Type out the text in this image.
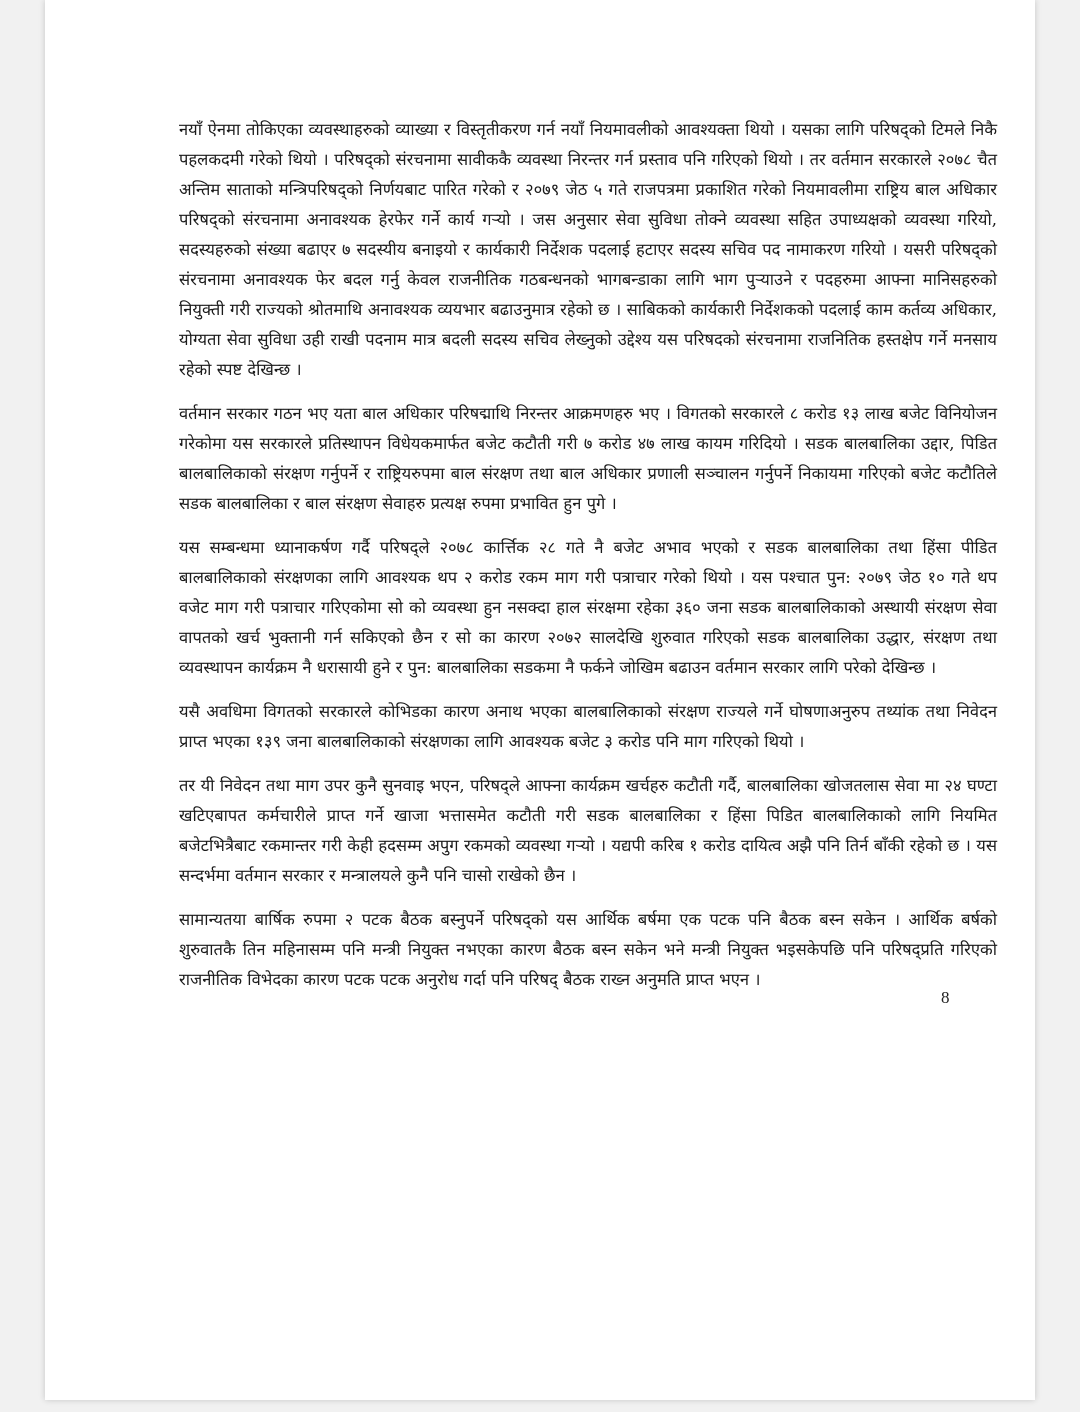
नयाँ ऐनमा तोकिएका व्यवस्थाहरुको व्याख्या र विस्तृतीकरण गर्न नयाँ नियमावलीको आवश्यक्ता थियो । यसका लागि परिषद्को टिमले निकै पहलकदमी गरेको थियो । परिषद्को संरचनामा सावीककै व्यवस्था निरन्तर गर्न प्रस्ताव पनि गरिएको थियो । तर वर्तमान सरकारले २०७८ चैत अन्तिम साताको मन्त्रिपरिषद्को निर्णयबाट पारित गरेको र २०७९ जेठ ५ गते राजपत्रमा प्रकाशित गरेको नियमावलीमा राष्ट्रिय बाल अधिकार परिषद्को संरचनामा अनावश्यक हेरफेर गर्ने कार्य गर्‍यो । जस अनुसार सेवा सुविधा तोक्ने व्यवस्था सहित उपाध्यक्षको व्यवस्था गरियो, सदस्यहरुको संख्या बढाएर ७ सदस्यीय बनाइयो र कार्यकारी निर्देशक पदलाई हटाएर सदस्य सचिव पद नामाकरण गरियो । यसरी परिषद्को संरचनामा अनावश्यक फेर बदल गर्नु केवल राजनीतिक गठबन्धनको भागबन्डाका लागि भाग पुर्‍याउने र पदहरुमा आफ्ना मानिसहरुको नियुक्ती गरी राज्यको श्रोतमाथि अनावश्यक व्ययभार बढाउनुमात्र रहेको छ । साबिकको कार्यकारी निर्देशकको पदलाई काम कर्तव्य अधिकार, योग्यता सेवा सुविधा उही राखी पदनाम मात्र बदली सदस्य सचिव लेख्नुको उद्देश्य यस परिषदको संरचनामा राजनितिक हस्तक्षेप गर्ने मनसाय रहेको स्पष्ट देखिन्छ ।

वर्तमान सरकार गठन भए यता बाल अधिकार परिषद्माथि निरन्तर आक्रमणहरु भए । विगतको सरकारले ८ करोड १३ लाख बजेट विनियोजन गरेकोमा यस सरकारले प्रतिस्थापन विधेयकमार्फत बजेट कटौती गरी ७ करोड ४७ लाख कायम गरिदियो । सडक बालबालिका उद्दार, पिडित बालबालिकाको संरक्षण गर्नुपर्ने र राष्ट्रियरुपमा बाल संरक्षण तथा बाल अधिकार प्रणाली सञ्चालन गर्नुपर्ने निकायमा गरिएको बजेट कटौतिले सडक बालबालिका र बाल संरक्षण सेवाहरु प्रत्यक्ष रुपमा प्रभावित हुन पुगे ।

यस सम्बन्धमा ध्यानाकर्षण गर्दै परिषद्ले २०७८ कार्त्तिक २८ गते नै बजेट अभाव भएको र सडक बालबालिका तथा हिंसा पीडित बालबालिकाको संरक्षणका लागि आवश्यक थप २ करोड रकम माग गरी पत्राचार गरेको थियो । यस पश्चात पुन: २०७९ जेठ १० गते थप वजेट माग गरी पत्राचार गरिएकोमा सो को व्यवस्था हुन नसक्दा हाल संरक्षमा रहेका ३६० जना सडक बालबालिकाको अस्थायी संरक्षण सेवा वापतको खर्च भुक्तानी गर्न सकिएको छैन र सो का कारण २०७२ सालदेखि शुरुवात गरिएको सडक बालबालिका उद्धार, संरक्षण तथा व्यवस्थापन कार्यक्रम नै धरासायी हुने र पुन: बालबालिका सडकमा नै फर्कने जोखिम बढाउन वर्तमान सरकार लागि परेको देखिन्छ ।

यसै अवधिमा विगतको सरकारले कोभिडका कारण अनाथ भएका बालबालिकाको संरक्षण राज्यले गर्ने घोषणाअनुरुप तथ्यांक तथा निवेदन प्राप्त भएका १३९ जना बालबालिकाको संरक्षणका लागि आवश्यक बजेट ३ करोड पनि माग गरिएको थियो ।

तर यी निवेदन तथा माग उपर कुनै सुनवाइ भएन, परिषद्ले आफ्ना कार्यक्रम खर्चहरु कटौती गर्दै, बालबालिका खोजतलास सेवा मा २४ घण्टा खटिएबापत कर्मचारीले प्राप्त गर्ने खाजा भत्तासमेत कटौती गरी सडक बालबालिका र हिंसा पिडित बालबालिकाको लागि नियमित बजेटभित्रैबाट रकमान्तर गरी केही हदसम्म अपुग रकमको व्यवस्था गर्‍यो । यद्यपी करिब १ करोड दायित्व अझै पनि तिर्न बाँकी रहेको छ । यस सन्दर्भमा वर्तमान सरकार र मन्त्रालयले कुनै पनि चासो राखेको छैन ।

सामान्यतया बार्षिक रुपमा २ पटक बैठक बस्नुपर्ने परिषद्को यस आर्थिक बर्षमा एक पटक पनि बैठक बस्न सकेन । आर्थिक बर्षको शुरुवातकै तिन महिनासम्म पनि मन्त्री नियुक्त नभएका कारण बैठक बस्न सकेन भने मन्त्री नियुक्त भइसकेपछि पनि परिषद्प्रति गरिएको राजनीतिक विभेदका कारण पटक पटक अनुरोध गर्दा पनि परिषद् बैठक राख्न अनुमति प्राप्त भएन ।

8
